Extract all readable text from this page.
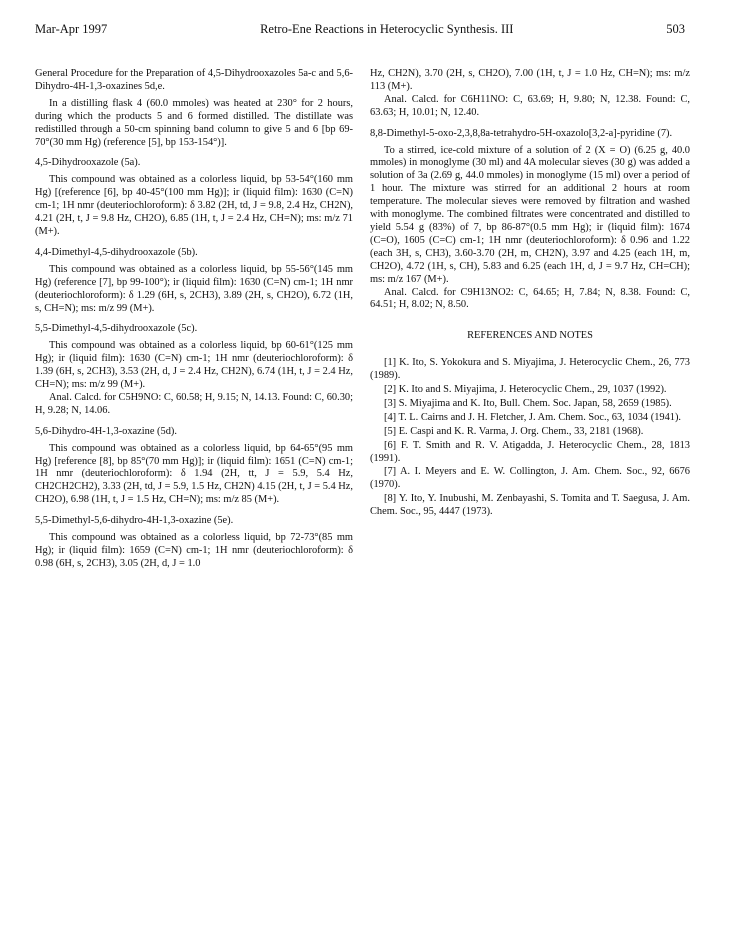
Mar-Apr 1997	Retro-Ene Reactions in Heterocyclic Synthesis. III	503
General Procedure for the Preparation of 4,5-Dihydrooxazoles 5a-c and 5,6-Dihydro-4H-1,3-oxazines 5d,e.
In a distilling flask 4 (60.0 mmoles) was heated at 230° for 2 hours, during which the products 5 and 6 formed distilled. The distillate was redistilled through a 50-cm spinning band column to give 5 and 6 [bp 69-70°(30 mm Hg) (reference [5], bp 153-154°)].
4,5-Dihydrooxazole (5a).
This compound was obtained as a colorless liquid, bp 53-54°(160 mm Hg) [(reference [6], bp 40-45°(100 mm Hg)]; ir (liquid film): 1630 (C=N) cm-1; 1H nmr (deuteriochloroform): δ 3.82 (2H, td, J = 9.8, 2.4 Hz, CH2N), 4.21 (2H, t, J = 9.8 Hz, CH2O), 6.85 (1H, t, J = 2.4 Hz, CH=N); ms: m/z 71 (M+).
4,4-Dimethyl-4,5-dihydrooxazole (5b).
This compound was obtained as a colorless liquid, bp 55-56°(145 mm Hg) (reference [7], bp 99-100°); ir (liquid film): 1630 (C=N) cm-1; 1H nmr (deuteriochloroform): δ 1.29 (6H, s, 2CH3), 3.89 (2H, s, CH2O), 6.72 (1H, s, CH=N); ms: m/z 99 (M+).
5,5-Dimethyl-4,5-dihydrooxazole (5c).
This compound was obtained as a colorless liquid, bp 60-61°(125 mm Hg); ir (liquid film): 1630 (C=N) cm-1; 1H nmr (deuteriochloroform): δ 1.39 (6H, s, 2CH3), 3.53 (2H, d, J = 2.4 Hz, CH2N), 6.74 (1H, t, J = 2.4 Hz, CH=N); ms: m/z 99 (M+).
Anal. Calcd. for C5H9NO: C, 60.58; H, 9.15; N, 14.13. Found: C, 60.30; H, 9.28; N, 14.06.
5,6-Dihydro-4H-1,3-oxazine (5d).
This compound was obtained as a colorless liquid, bp 64-65°(95 mm Hg) [reference [8], bp 85°(70 mm Hg)]; ir (liquid film): 1651 (C=N) cm-1; 1H nmr (deuteriochloroform): δ 1.94 (2H, tt, J = 5.9, 5.4 Hz, CH2CH2CH2), 3.33 (2H, td, J = 5.9, 1.5 Hz, CH2N) 4.15 (2H, t, J = 5.4 Hz, CH2O), 6.98 (1H, t, J = 1.5 Hz, CH=N); ms: m/z 85 (M+).
5,5-Dimethyl-5,6-dihydro-4H-1,3-oxazine (5e).
This compound was obtained as a colorless liquid, bp 72-73°(85 mm Hg); ir (liquid film): 1659 (C=N) cm-1; 1H nmr (deuteriochloroform): δ 0.98 (6H, s, 2CH3), 3.05 (2H, d, J = 1.0
Hz, CH2N), 3.70 (2H, s, CH2O), 7.00 (1H, t, J = 1.0 Hz, CH=N); ms: m/z 113 (M+).
Anal. Calcd. for C6H11NO: C, 63.69; H, 9.80; N, 12.38. Found: C, 63.63; H, 10.01; N, 12.40.
8,8-Dimethyl-5-oxo-2,3,8,8a-tetrahydro-5H-oxazolo[3,2-a]-pyridine (7).
To a stirred, ice-cold mixture of a solution of 2 (X = O) (6.25 g, 40.0 mmoles) in monoglyme (30 ml) and 4A molecular sieves (30 g) was added a solution of 3a (2.69 g, 44.0 mmoles) in monoglyme (15 ml) over a period of 1 hour. The mixture was stirred for an additional 2 hours at room temperature. The molecular sieves were removed by filtration and washed with monoglyme. The combined filtrates were concentrated and distilled to yield 5.54 g (83%) of 7, bp 86-87°(0.5 mm Hg); ir (liquid film): 1674 (C=O), 1605 (C=C) cm-1; 1H nmr (deuteriochloroform): δ 0.96 and 1.22 (each 3H, s, CH3), 3.60-3.70 (2H, m, CH2N), 3.97 and 4.25 (each 1H, m, CH2O), 4.72 (1H, s, CH), 5.83 and 6.25 (each 1H, d, J = 9.7 Hz, CH=CH); ms: m/z 167 (M+).
Anal. Calcd. for C9H13NO2: C, 64.65; H, 7.84; N, 8.38. Found: C, 64.51; H, 8.02; N, 8.50.
REFERENCES AND NOTES
[1] K. Ito, S. Yokokura and S. Miyajima, J. Heterocyclic Chem., 26, 773 (1989).
[2] K. Ito and S. Miyajima, J. Heterocyclic Chem., 29, 1037 (1992).
[3] S. Miyajima and K. Ito, Bull. Chem. Soc. Japan, 58, 2659 (1985).
[4] T. L. Cairns and J. H. Fletcher, J. Am. Chem. Soc., 63, 1034 (1941).
[5] E. Caspi and K. R. Varma, J. Org. Chem., 33, 2181 (1968).
[6] F. T. Smith and R. V. Atigadda, J. Heterocyclic Chem., 28, 1813 (1991).
[7] A. I. Meyers and E. W. Collington, J. Am. Chem. Soc., 92, 6676 (1970).
[8] Y. Ito, Y. Inubushi, M. Zenbayashi, S. Tomita and T. Saegusa, J. Am. Chem. Soc., 95, 4447 (1973).
